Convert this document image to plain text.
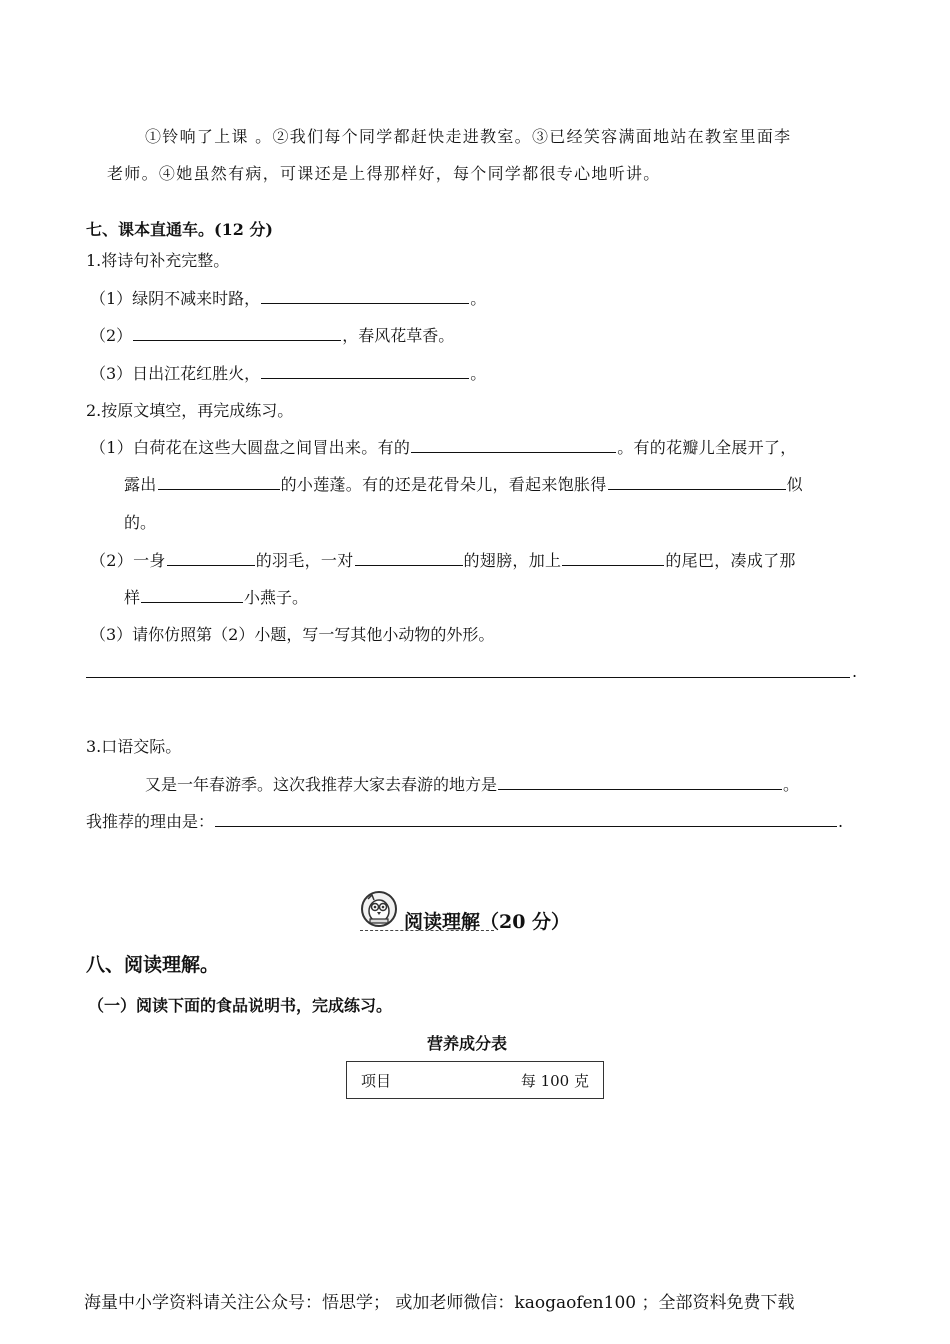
①铃响了上课 。②我们每个同学都赶快走进教室。③已经笑容满面地站在教室里面李
老师。④她虽然有病，可课还是上得那样好，每个同学都很专心地听讲。
七、课本直通车。(12 分)
1.将诗句补充完整。
（1）绿阴不减来时路，	。
（2）	，春风花草香。
（3）日出江花红胜火，	。
2.按原文填空，再完成练习。
（1）白荷花在这些大圆盘之间冒出来。有的	。有的花瓣儿全展开了，
露出	的小莲蓬。有的还是花骨朵儿，看起来饱胀得	似
的。
（2）一身	的羽毛，一对	的翅膀，加上	的尾巴，凑成了那
样	小燕子。
（3）请你仿照第（2）小题，写一写其他小动物的外形。
.
3.口语交际。
又是一年春游季。这次我推荐大家去春游的地方是	。
我推荐的理由是：	.
阅读理解（20 分）
八、阅读理解。
（一）阅读下面的食品说明书，完成练习。
营养成分表
项目	每 100 克
海量中小学资料请关注公众号：悟思学； 或加老师微信：kaogaofen100 ；全部资料免费下载
